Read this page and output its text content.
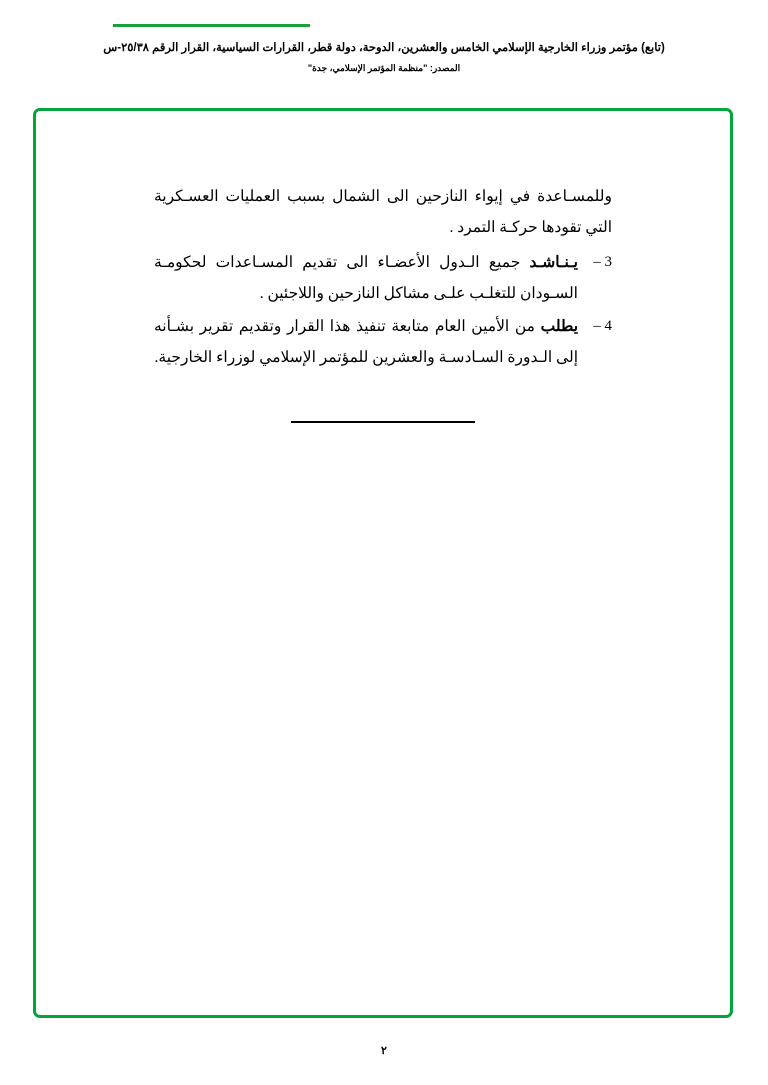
(تابع) مؤتمر وزراء الخارجية الإسلامي الخامس والعشرين، الدوحة، دولة قطر، القرارات السياسية، القرار الرقم ٢٥/٣٨-س
المصدر: "منظمة المؤتمر الإسلامي، جدة"
وللمسـاعدة في إيواء النازحين الى الشمال بسبب العمليات العسـكرية التي تقودها حركـة التمرد .
3 –
يـنـاشـد جميع الـدول الأعضـاء الى تقديم المسـاعدات لحكومـة السـودان للتغلـب علـى مشاكل النازحين واللاجئين .
4 –
يطلب من الأمين العام متابعة تنفيذ هذا القرار وتقديم تقرير بشـأنه إلى الـدورة السـادسـة والعشرين للمؤتمر الإسلامي لوزراء الخارجية.
٢
